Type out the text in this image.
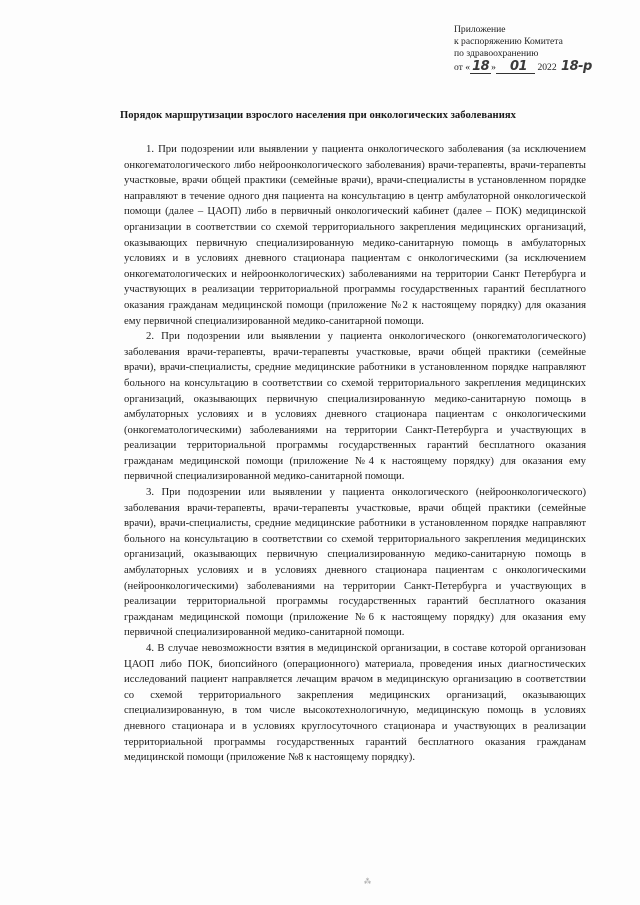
Приложение
к распоряжению Комитета
по здравоохранению
от « 18 » 01 2022 18-р
Порядок маршрутизации взрослого населения при онкологических заболеваниях

1. При подозрении или выявлении у пациента онкологического заболевания (за исключением онкогематологического либо нейроонкологического заболевания) врачи-терапевты, врачи-терапевты участковые, врачи общей практики (семейные врачи), врачи-специалисты в установленном порядке направляют в течение одного дня пациента на консультацию в центр амбулаторной онкологической помощи (далее – ЦАОП) либо в первичный онкологический кабинет (далее – ПОК) медицинской организации в соответствии со схемой территориального закрепления медицинских организаций, оказывающих первичную специализированную медико-санитарную помощь в амбулаторных условиях и в условиях дневного стационара пациентам с онкологическими (за исключением онкогематологических и нейроонкологических) заболеваниями на территории Санкт Петербурга и участвующих в реализации территориальной программы государственных гарантий бесплатного оказания гражданам медицинской помощи (приложение №2 к настоящему порядку) для оказания ему первичной специализированной медико-санитарной помощи.

2. При подозрении или выявлении у пациента онкологического (онкогематологического) заболевания врачи-терапевты, врачи-терапевты участковые, врачи общей практики (семейные врачи), врачи-специалисты, средние медицинские работники в установленном порядке направляют больного на консультацию в соответствии со схемой территориального закрепления медицинских организаций, оказывающих первичную специализированную медико-санитарную помощь в амбулаторных условиях и в условиях дневного стационара пациентам с онкологическими (онкогематологическими) заболеваниями на территории Санкт-Петербурга и участвующих в реализации территориальной программы государственных гарантий бесплатного оказания гражданам медицинской помощи (приложение №4 к настоящему порядку) для оказания ему первичной специализированной медико-санитарной помощи.

3. При подозрении или выявлении у пациента онкологического (нейроонкологического) заболевания врачи-терапевты, врачи-терапевты участковые, врачи общей практики (семейные врачи), врачи-специалисты, средние медицинские работники в установленном порядке направляют больного на консультацию в соответствии со схемой территориального закрепления медицинских организаций, оказывающих первичную специализированную медико-санитарную помощь в амбулаторных условиях и в условиях дневного стационара пациентам с онкологическими (нейроонкологическими) заболеваниями на территории Санкт-Петербурга и участвующих в реализации территориальной программы государственных гарантий бесплатного оказания гражданам медицинской помощи (приложение №6 к настоящему порядку) для оказания ему первичной специализированной медико-санитарной помощи.

4. В случае невозможности взятия в медицинской организации, в составе которой организован ЦАОП либо ПОК, биопсийного (операционного) материала, проведения иных диагностических исследований пациент направляется лечащим врачом в медицинскую организацию в соответствии со схемой территориального закрепления медицинских организаций, оказывающих специализированную, в том числе высокотехнологичную, медицинскую помощь в условиях дневного стационара и в условиях круглосуточного стационара и участвующих в реализации территориальной программы государственных гарантий бесплатного оказания гражданам медицинской помощи (приложение №8 к настоящему порядку).

⁂
